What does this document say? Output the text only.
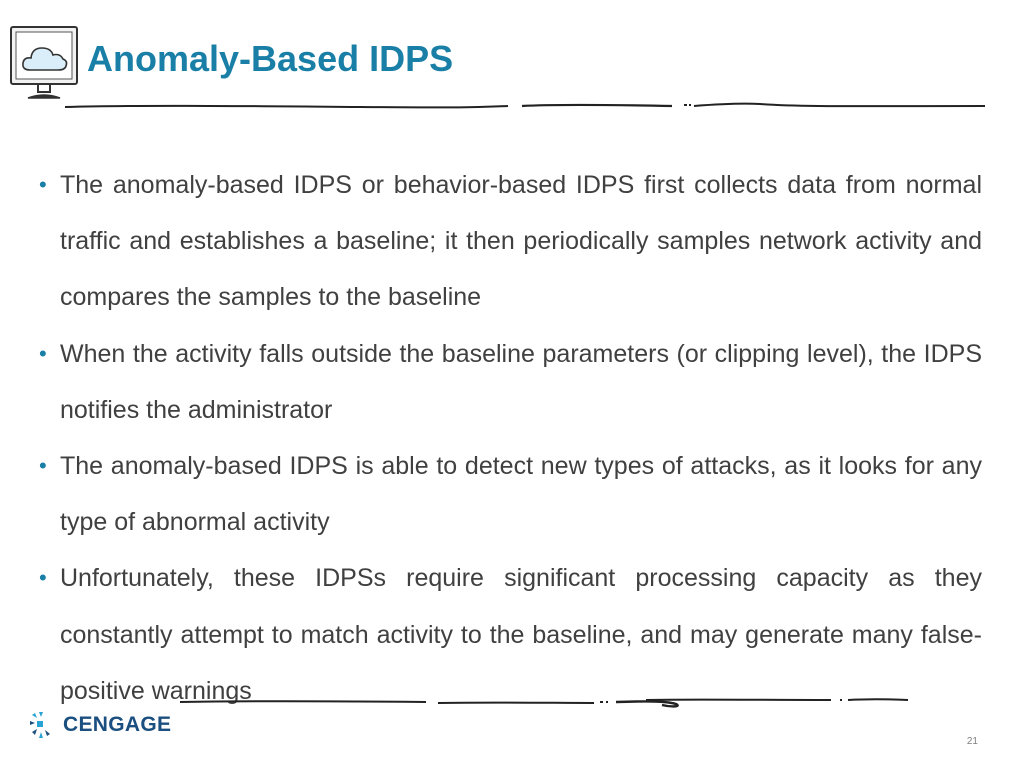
Anomaly-Based IDPS
• The anomaly-based IDPS or behavior-based IDPS first collects data from normal traffic and establishes a baseline; it then periodically samples network activity and compares the samples to the baseline
• When the activity falls outside the baseline parameters (or clipping level), the IDPS notifies the administrator
• The anomaly-based IDPS is able to detect new types of attacks, as it looks for any type of abnormal activity
• Unfortunately, these IDPSs require significant processing capacity as they constantly attempt to match activity to the baseline, and may generate many false-positive warnings
CENGAGE
21
